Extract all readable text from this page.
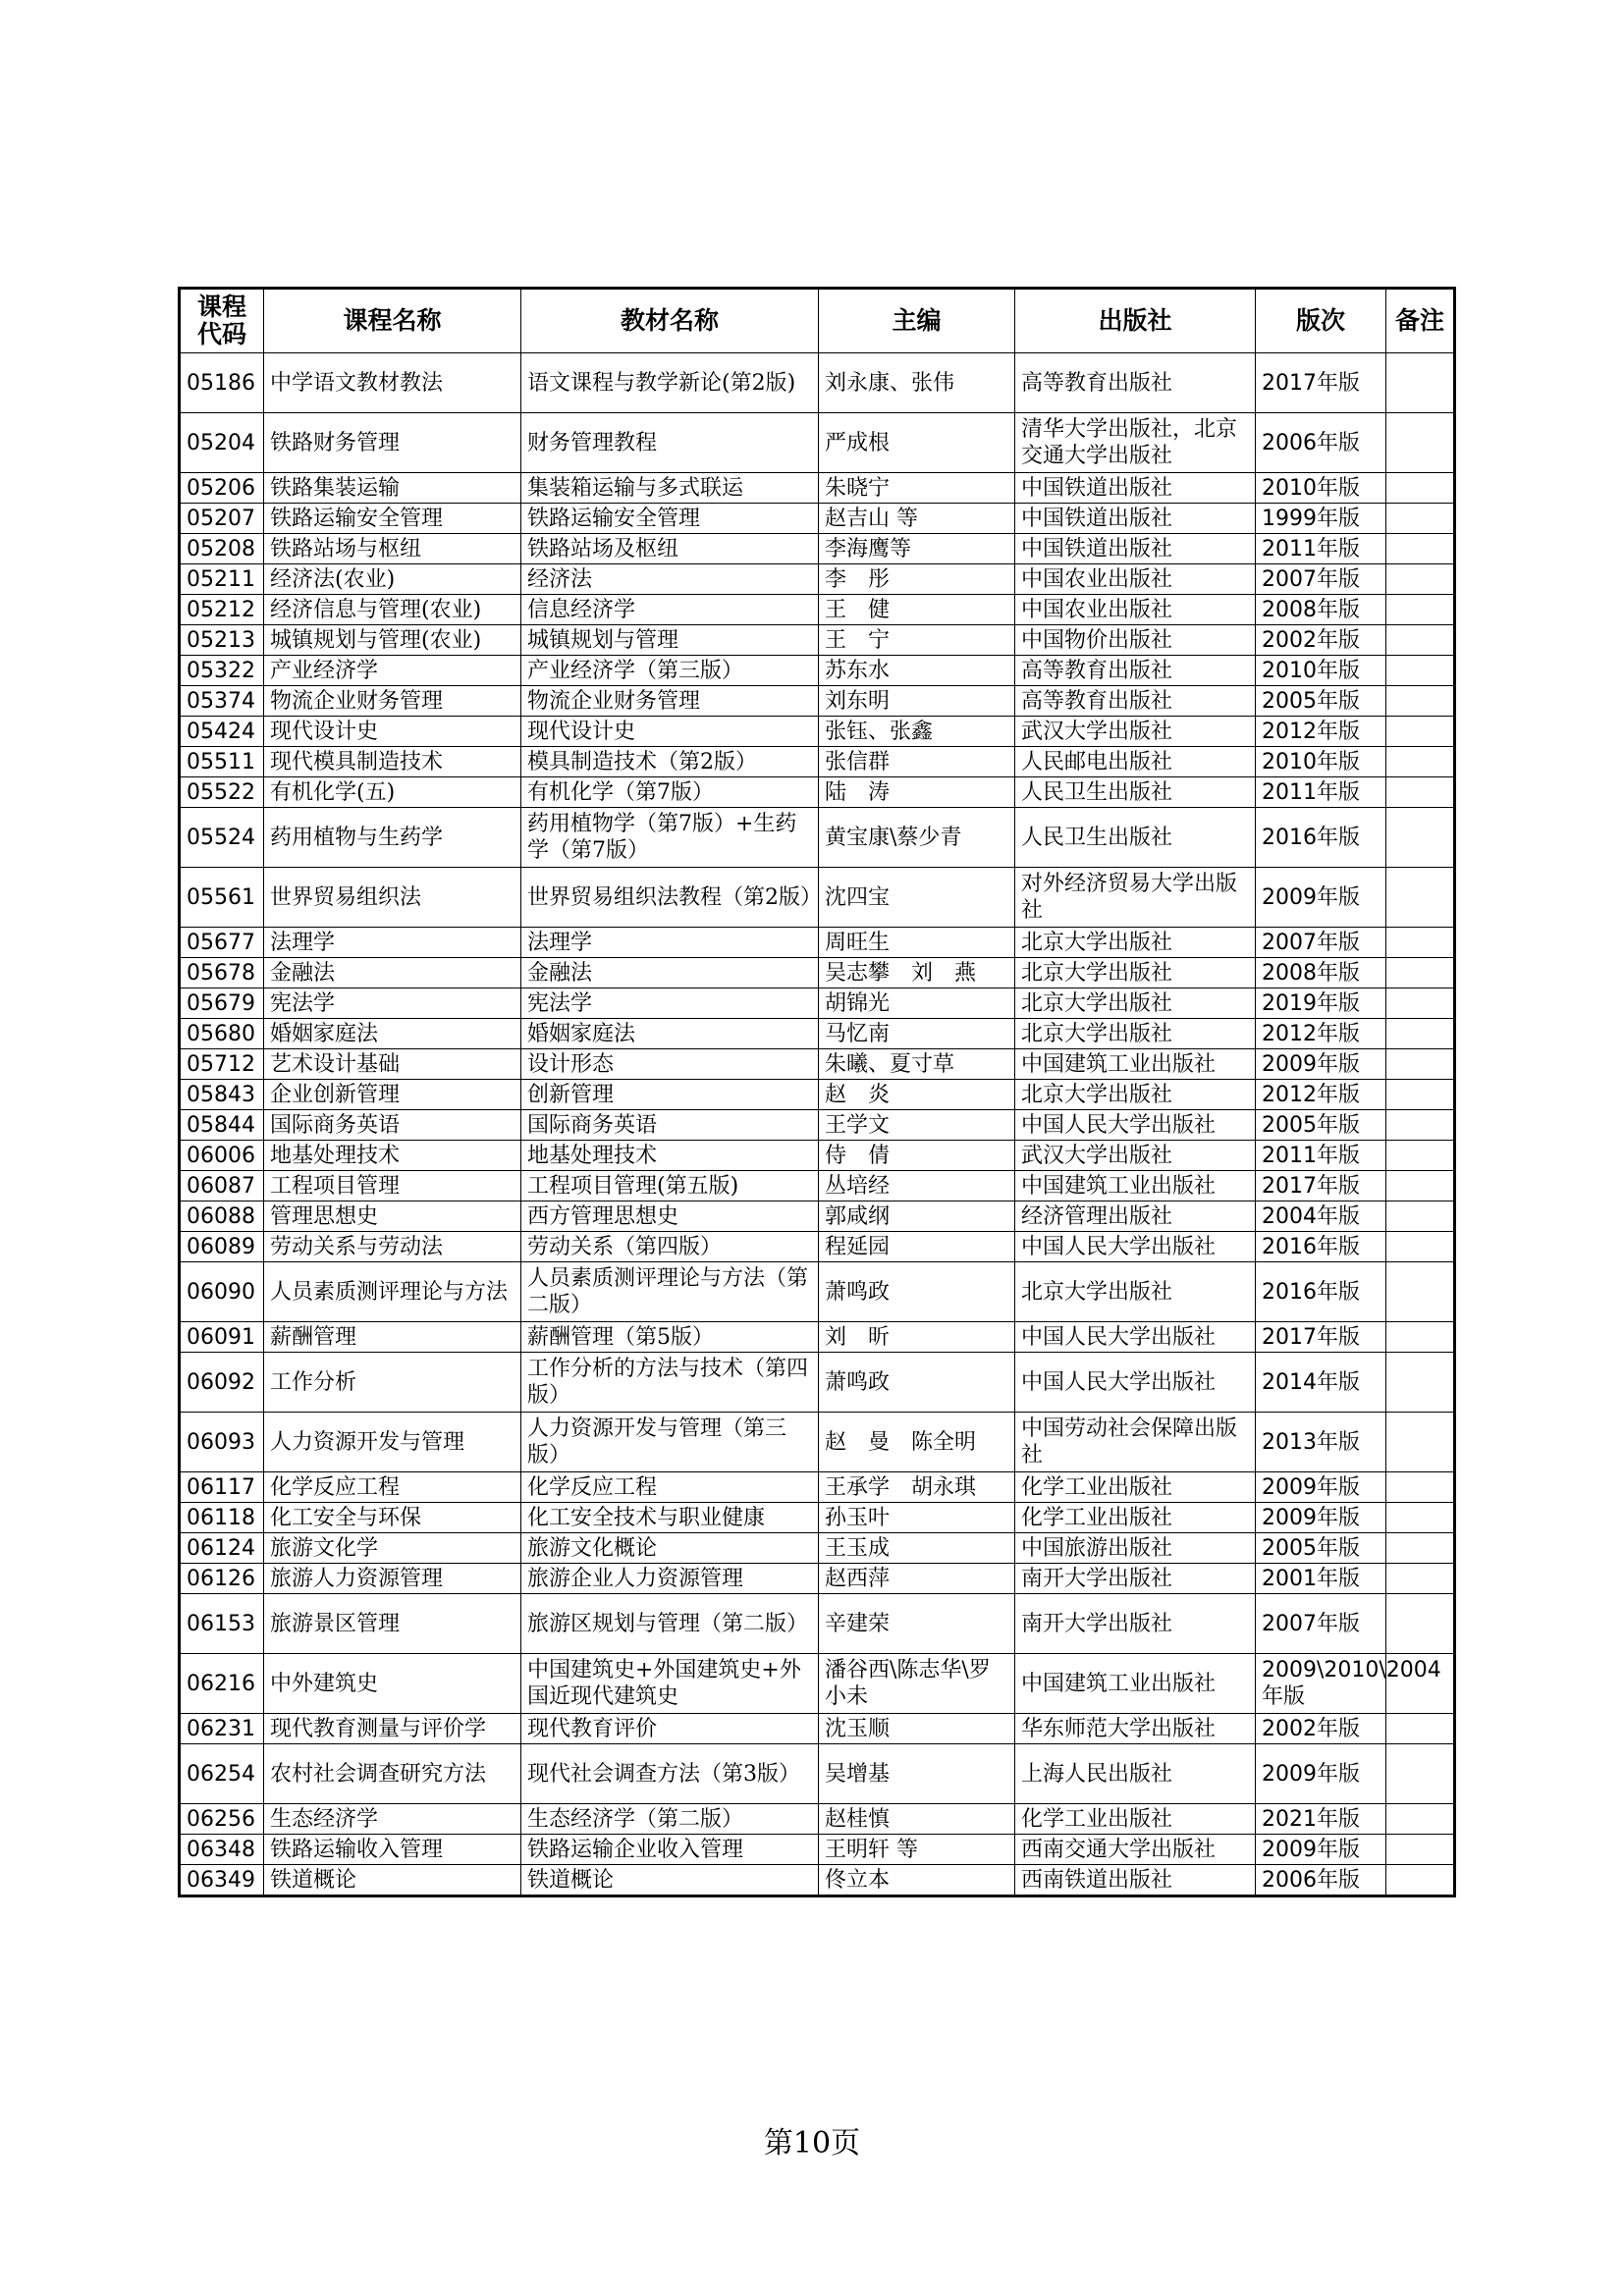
课程
代码	课程名称	教材名称	主编	出版社	版次	备注
05186	中学语文教材教法	语文课程与教学新论(第2版)	刘永康、张伟	高等教育出版社	2017年版	
05204	铁路财务管理	财务管理教程	严成根	清华大学出版社，北京交通大学出版社	2006年版	
05206	铁路集装运输	集装箱运输与多式联运	朱晓宁	中国铁道出版社	2010年版	
05207	铁路运输安全管理	铁路运输安全管理	赵吉山 等	中国铁道出版社	1999年版	
05208	铁路站场与枢纽	铁路站场及枢纽	李海鹰等	中国铁道出版社	2011年版	
05211	经济法(农业)	经济法	李　彤	中国农业出版社	2007年版	
05212	经济信息与管理(农业)	信息经济学	王　健	中国农业出版社	2008年版	
05213	城镇规划与管理(农业)	城镇规划与管理	王　宁	中国物价出版社	2002年版	
05322	产业经济学	产业经济学（第三版）	苏东水	高等教育出版社	2010年版	
05374	物流企业财务管理	物流企业财务管理	刘东明	高等教育出版社	2005年版	
05424	现代设计史	现代设计史	张钰、张鑫	武汉大学出版社	2012年版	
05511	现代模具制造技术	模具制造技术（第2版）	张信群	人民邮电出版社	2010年版	
05522	有机化学(五)	有机化学（第7版）	陆　涛	人民卫生出版社	2011年版	
05524	药用植物与生药学	药用植物学（第7版）+生药学（第7版）	黄宝康\蔡少青	人民卫生出版社	2016年版	
05561	世界贸易组织法	世界贸易组织法教程（第2版）	沈四宝	对外经济贸易大学出版社	2009年版	
05677	法理学	法理学	周旺生	北京大学出版社	2007年版	
05678	金融法	金融法	吴志攀　刘　燕	北京大学出版社	2008年版	
05679	宪法学	宪法学	胡锦光	北京大学出版社	2019年版	
05680	婚姻家庭法	婚姻家庭法	马忆南	北京大学出版社	2012年版	
05712	艺术设计基础	设计形态	朱曦、夏寸草	中国建筑工业出版社	2009年版	
05843	企业创新管理	创新管理	赵　炎	北京大学出版社	2012年版	
05844	国际商务英语	国际商务英语	王学文	中国人民大学出版社	2005年版	
06006	地基处理技术	地基处理技术	侍　倩	武汉大学出版社	2011年版	
06087	工程项目管理	工程项目管理(第五版)	丛培经	中国建筑工业出版社	2017年版	
06088	管理思想史	西方管理思想史	郭咸纲	经济管理出版社	2004年版	
06089	劳动关系与劳动法	劳动关系（第四版）	程延园	中国人民大学出版社	2016年版	
06090	人员素质测评理论与方法	人员素质测评理论与方法（第二版）	萧鸣政	北京大学出版社	2016年版	
06091	薪酬管理	薪酬管理（第5版）	刘　昕	中国人民大学出版社	2017年版	
06092	工作分析	工作分析的方法与技术（第四版）	萧鸣政	中国人民大学出版社	2014年版	
06093	人力资源开发与管理	人力资源开发与管理（第三版）	赵　曼　陈全明	中国劳动社会保障出版社	2013年版	
06117	化学反应工程	化学反应工程	王承学　胡永琪	化学工业出版社	2009年版	
06118	化工安全与环保	化工安全技术与职业健康	孙玉叶	化学工业出版社	2009年版	
06124	旅游文化学	旅游文化概论	王玉成	中国旅游出版社	2005年版	
06126	旅游人力资源管理	旅游企业人力资源管理	赵西萍	南开大学出版社	2001年版	
06153	旅游景区管理	旅游区规划与管理（第二版）	辛建荣	南开大学出版社	2007年版	
06216	中外建筑史	中国建筑史+外国建筑史+外国近现代建筑史	潘谷西\陈志华\罗小未	中国建筑工业出版社	2009\2010\2004年版	
06231	现代教育测量与评价学	现代教育评价	沈玉顺	华东师范大学出版社	2002年版	
06254	农村社会调查研究方法	现代社会调查方法（第3版）	吴增基	上海人民出版社	2009年版	
06256	生态经济学	生态经济学（第二版）	赵桂慎	化学工业出版社	2021年版	
06348	铁路运输收入管理	铁路运输企业收入管理	王明轩 等	西南交通大学出版社	2009年版	
06349	铁道概论	铁道概论	佟立本	西南铁道出版社	2006年版	
第10页
